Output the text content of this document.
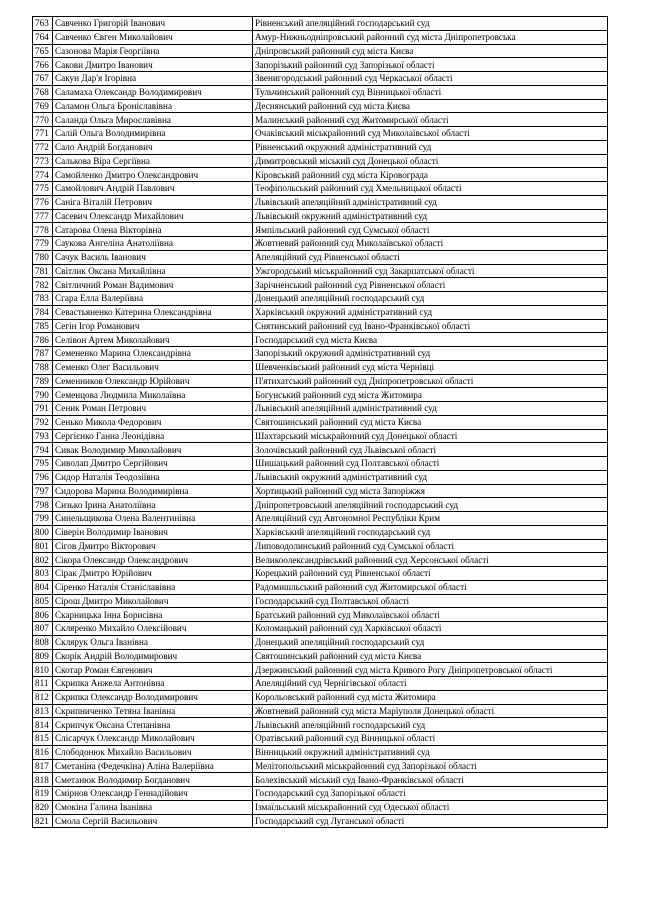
763	Савченко Григорій Іванович	Рівненський апеляційний господарський суд
764	Савченко Євген Миколайович	Амур-Нижньодніпровський районний суд міста Дніпропетровська
765	Сазонова Марія Георгіївна	Дніпровський районний суд міста Києва
766	Сакови Дмитро Іванович	Запорізький районний суд Запорізької області
767	Сакун Дар'я Ігорівна	Звенигородський районний суд Черкаської області
768	Саламаха Олександр Володимирович	Тульчинський районний суд Вінницької області
769	Саламон Ольга Броніславівна	Деснянський районний суд міста Києва
770	Саланда Ольга Мирославівна	Малинський районний суд Житомирської області
771	Салій Ольга Володимирівна	Очаківський міськрайонний суд Миколаївської області
772	Сало Андрій Богданович	Рівненський окружний адміністративний суд
773	Салькова Віра Сергіївна	Димитровський міський суд Донецької області
774	Самойленко Дмитро Олександрович	Кіровський районний суд міста Кіровограда
775	Самойлович Андрій Павлович	Теофіпольський районний суд Хмельницької області
776	Саніга Віталій Петрович	Львівський апеляційний адміністративний суд
777	Сасевич Олександр Михайлович	Львівський окружний адміністративний суд
778	Сатарова Олена Вікторівна	Ямпільський районний суд Сумської області
779	Саукова Ангеліна Анатоліївна	Жовтневий районний суд Миколаївської області
780	Сачук Василь Іванович	Апеляційний суд Рівненської області
781	Світлик Оксана Михайлівна	Ужгородський міськрайонний суд Закарпатської області
782	Світличний Роман Вадимович	Зарічненський районний суд Рівненської області
783	Сгара Елла Валеріївна	Донецький апеляційний господарський суд
784	Севастьяненко Катерина Олександрівна	Харківський окружний адміністративний суд
785	Сегін Ігор Романович	Снятинський районний суд Івано-Франківської області
786	Селівон Артем Миколайович	Господарський суд міста Києва
787	Семененко Марина Олександрівна	Запорізький окружний адміністративний суд
788	Семенко Олег Васильович	Шевченківський районний суд міста Чернівці
789	Семенников Олександр Юрійович	П'ятихатський районний суд Дніпропетровської області
790	Семенцова Людмила Миколаївна	Богунський районний суд міста Житомира
791	Сеник Роман Петрович	Львівський апеляційний адміністративний суд
792	Сенько Микола Федорович	Святошинський районний суд міста Києва
793	Сергієнко Ганна Леонідівна	Шахтарський міськрайонний суд Донецької області
794	Сивак Володимир Миколайович	Золочівський районний суд Львівської області
795	Сиволап Дмитро Сергійович	Шишацький районний суд Полтавської області
796	Сидор Наталія Теодозіївна	Львівський окружний адміністративний суд
797	Сидорова Марина Володимирівна	Хортицький районний суд міста Запоріжжя
798	Сизько Ірина Анатоліївна	Дніпропетровський апеляційний господарський суд
799	Синельщикова Олена Валентинівна	Апеляційний суд Автономної Республіки Крим
800	Сіверін Володимир Іванович	Харківський апеляційний господарський суд
801	Сігов Дмитро Вікторович	Липоводолинський районний суд Сумської області
802	Сікора Олександр Олександрович	Великоолександрівський районний суд Херсонської області
803	Сірак Дмитро Юрійович	Корецький районний суд Рівненської області
804	Сіренко Наталія Станіславівна	Радомишльський районний суд Житомирської області
805	Сірош Дмитро Миколайович	Господарський суд Полтавської області
806	Скарницька Інна Борисівна	Братський районний суд Миколаївської області
807	Скляренко Михайло Олексійович	Коломацький районний суд Харківської області
808	Склярук Ольга Іванівна	Донецький апеляційний господарський суд
809	Скорік Андрій Володимирович	Святошинський районний суд міста Києва
810	Скотар Роман Євгенович	Дзержинський районний суд міста Кривого Рогу Дніпропетровської області
811	Скрипка Анжела Антонівна	Апеляційний суд Чернігівської області
812	Скрипка Олександр Володимирович	Корольовський районний суд міста Житомира
813	Скрипниченко Тетяна Іванівна	Жовтневий районний суд міста Маріуполя Донецької області
814	Скрипчук Оксана Степанівна	Львівський апеляційний господарський суд
815	Слісарчук Олександр Миколайович	Оратівський районний суд Вінницької області
816	Слободонюк Михайло Васильович	Вінницький окружний адміністративний суд
817	Сметаніна (Федечкіна) Аліна Валеріївна	Мелітопольський міськрайонний суд Запорізької області
818	Сметанюк Володимир Богданович	Болехівський міський суд Івано-Франківської області
819	Смірнов Олександр Геннадійович	Господарський суд Запорізької області
820	Смокіна Галина Іванівна	Ізмаїльський міськрайонний суд Одеської області
821	Смола Сергій Васильович	Господарський суд Луганської області
